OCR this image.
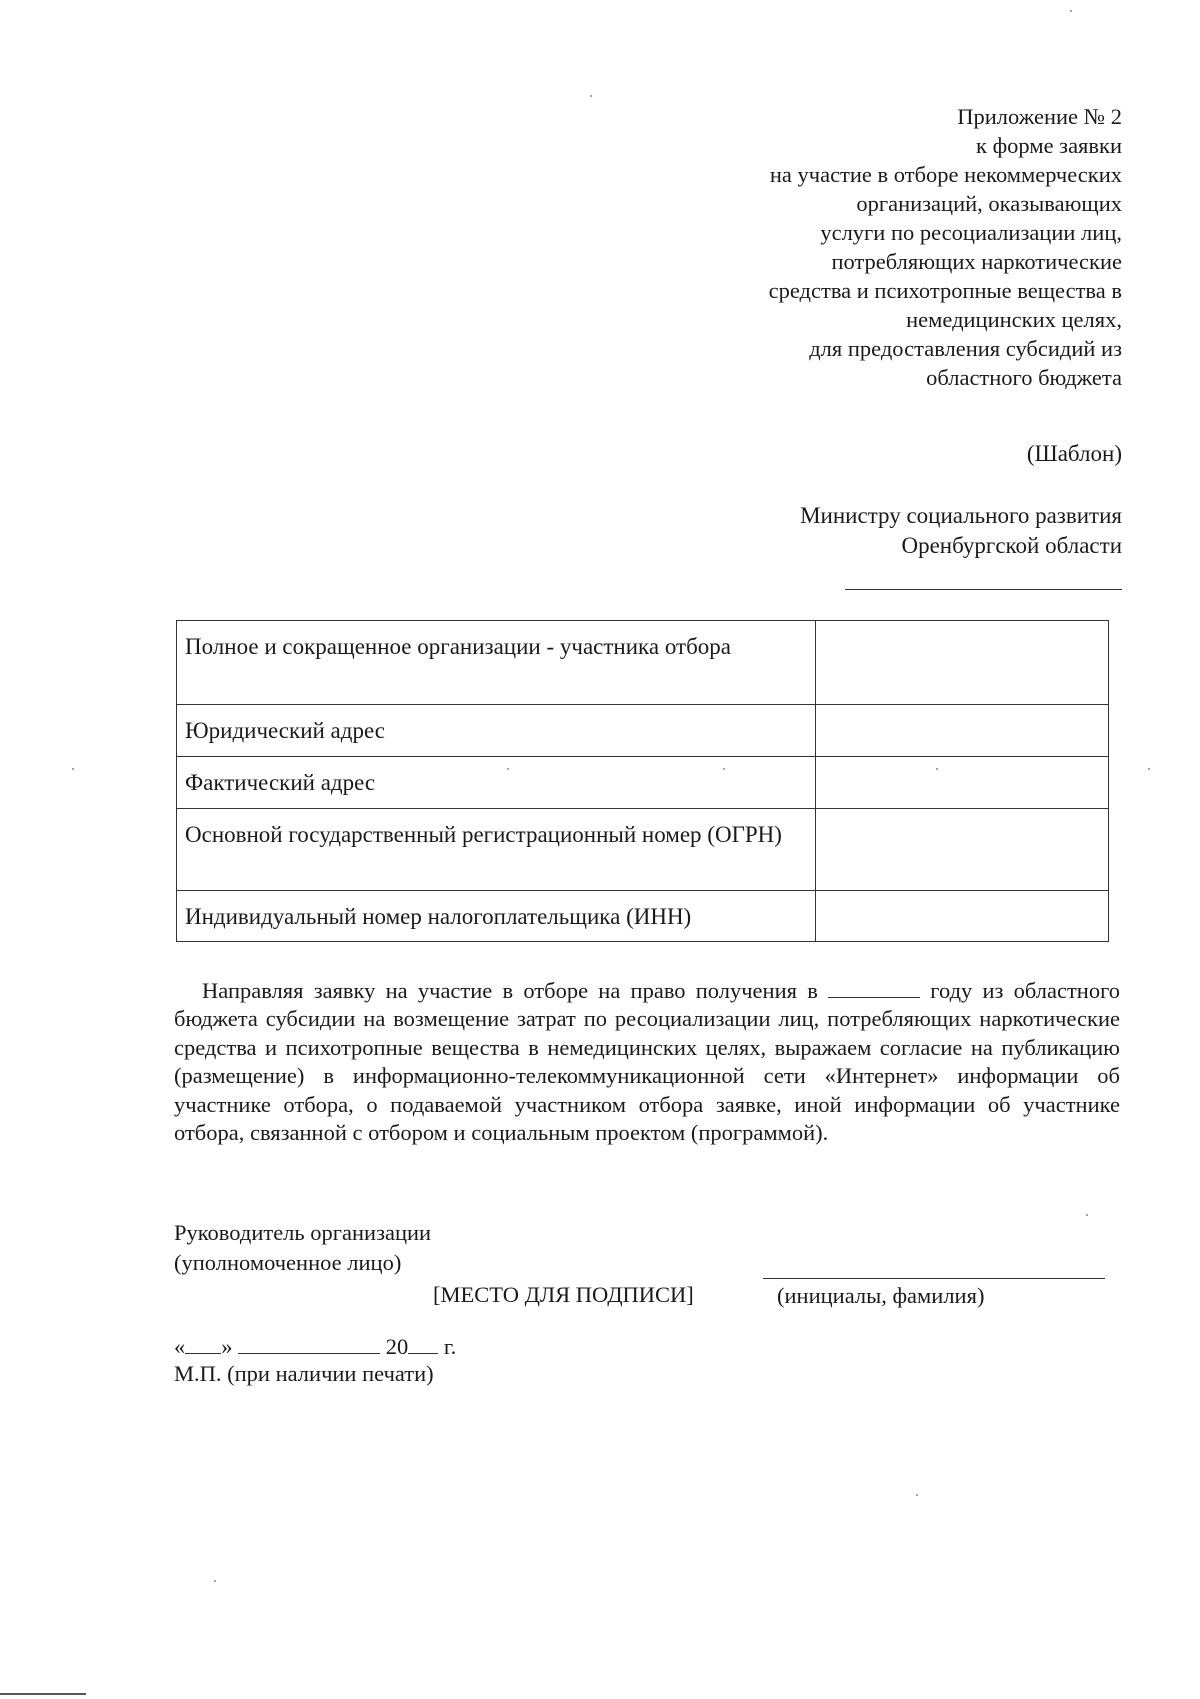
Приложение № 2
к форме заявки
на участие в отборе некоммерческих
организаций, оказывающих
услуги по ресоциализации лиц,
потребляющих наркотические
средства и психотропные вещества в
немедицинских целях,
для предоставления субсидий из
областного бюджета
(Шаблон)
Министру социального развития
Оренбургской области
Полное и сокращенное организации - участника отбора	
Юридический адрес	
Фактический адрес	
Основной государственный регистрационный номер (ОГРН)	
Индивидуальный номер налогоплательщика (ИНН)	
Направляя заявку на участие в отборе на право получения в	году из областного бюджета субсидии на возмещение затрат по ресоциализации лиц, потребляющих наркотические средства и психотропные вещества в немедицинских целях, выражаем согласие на публикацию (размещение) в информационно-телекоммуникационной сети «Интернет» информации об участнике отбора, о подаваемой участником отбора заявке, иной информации об участнике отбора, связанной с отбором и социальным проектом (программой).
Руководитель организации
(уполномоченное лицо)
[МЕСТО ДЛЯ ПОДПИСИ]	(инициалы, фамилия)
« »	20 г.
М.П. (при наличии печати)
